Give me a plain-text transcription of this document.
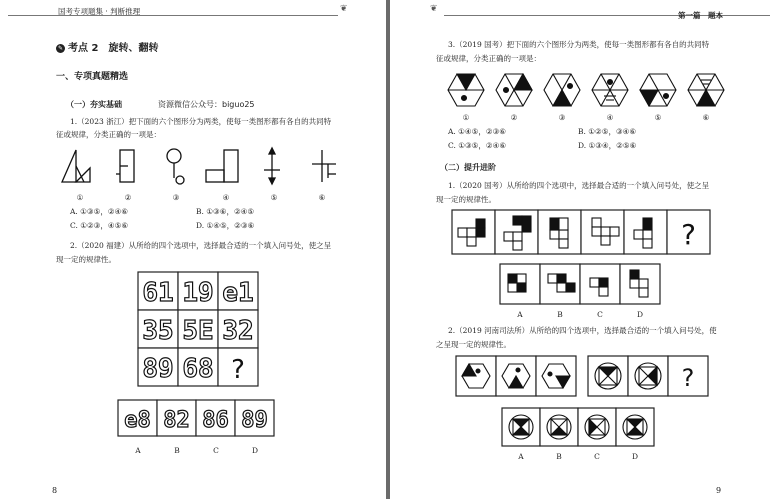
国考专项题集 · 判断推理	❦
✎ 考点 2　旋转、翻转
一、专项真题精选
（一）夯实基础	资源微信公众号：biguo25
1.（2023 浙江）把下面的六个图形分为两类，使每一类图形都有各自的共同特
征或规律，分类正确的一项是：
①	②	③	④	⑤	⑥
A. ①③⑤，②④⑥	B. ①③⑥，②④⑤
C. ①②③，④⑤⑥	D. ①④⑤，②③⑥
2.（2020 福建）从所给的四个选项中，选择最合适的一个填入问号处，使之呈
现一定的规律性。
61 19 e1
35 5E 32
89 68 ?
e8 82 86 89
A	B	C	D
8
❦
第一篇　题本
3.（2019 国考）把下面的六个图形分为两类，使每一类图形都有各自的共同特
征或规律，分类正确的一项是：
①	②	③	④	⑤	⑥
A. ①④⑤，②③⑥	B. ①②⑤，③④⑥
C. ①③⑤，②④⑥	D. ①③④，②⑤⑥
（二）提升进阶
1.（2020 国考）从所给的四个选项中，选择最合适的一个填入问号处，使之呈
现一定的规律性。
?
A	B	C	D
2.（2019 河南司法所）从所给的四个选项中，选择最合适的一个填入问号处，使
之呈现一定的规律性。
?
A	B	C	D
9
